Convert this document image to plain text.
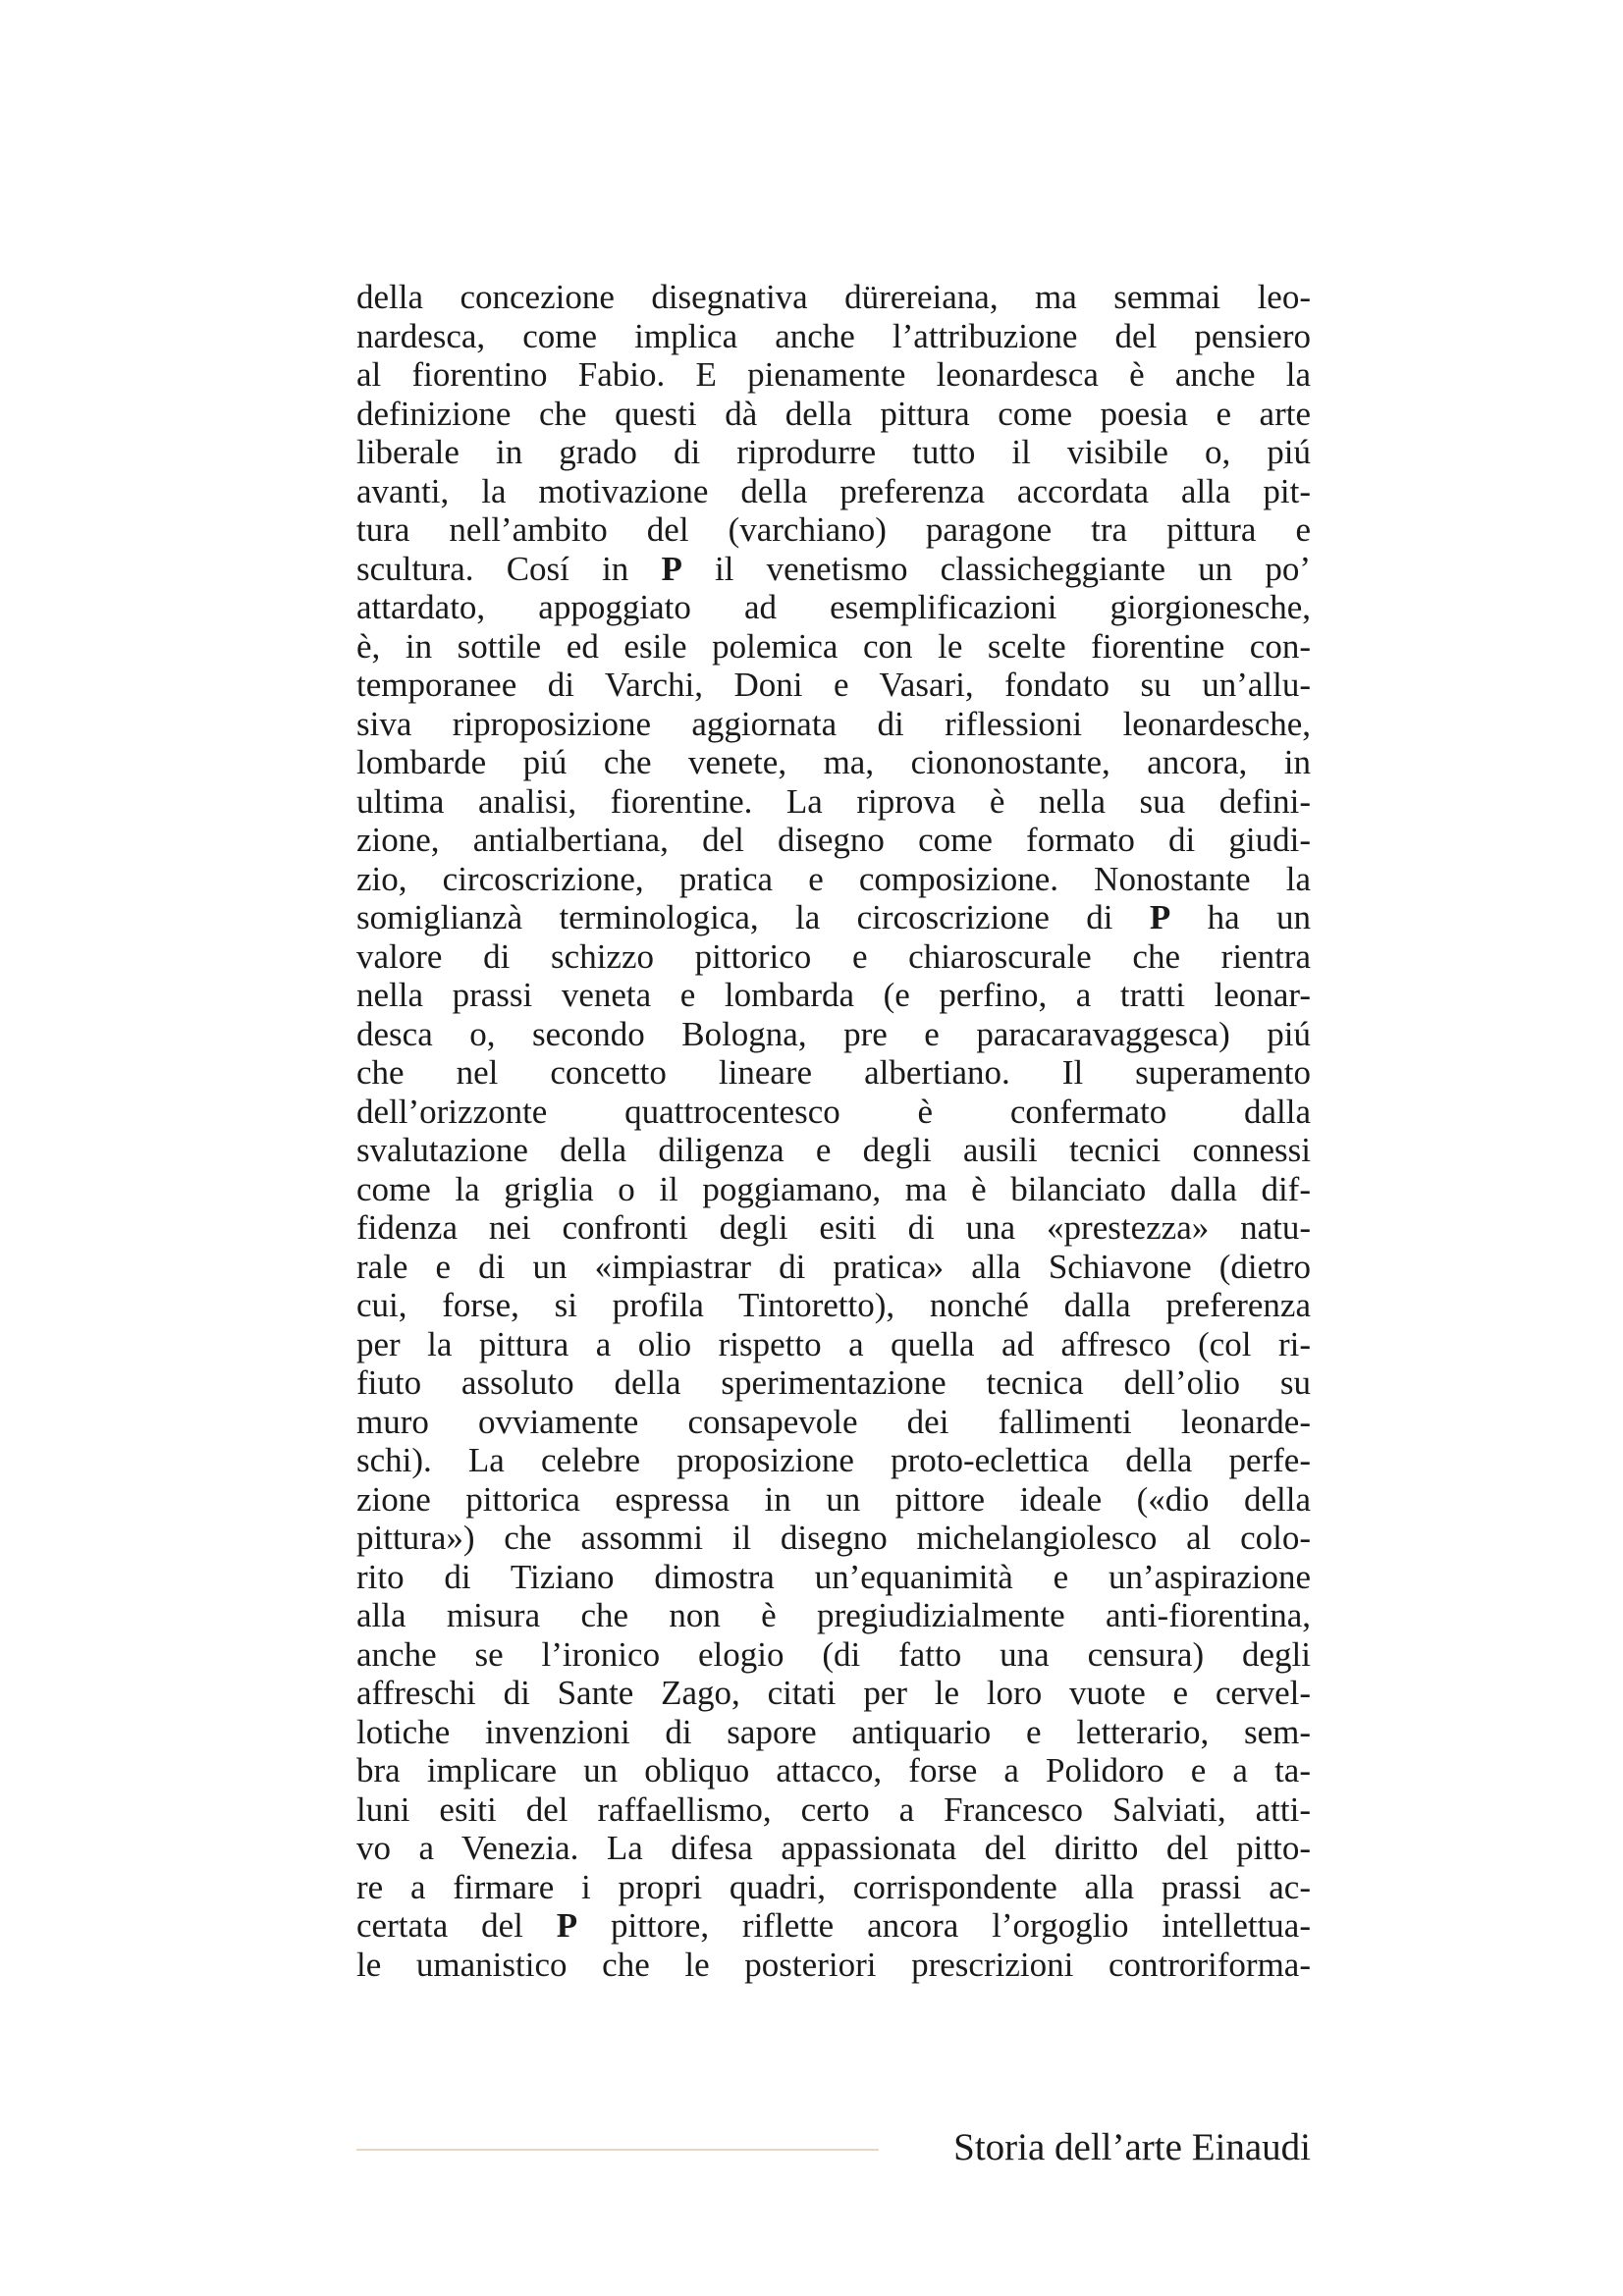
della concezione disegnativa dürereiana, ma semmai leo-
nardesca, come implica anche l’attribuzione del pensiero
al fiorentino Fabio. E pienamente leonardesca è anche la
definizione che questi dà della pittura come poesia e arte
liberale in grado di riprodurre tutto il visibile o, piú
avanti, la motivazione della preferenza accordata alla pit-
tura nell’ambito del (varchiano) paragone tra pittura e
scultura. Cosí in P il venetismo classicheggiante un po’
attardato, appoggiato ad esemplificazioni giorgionesche,
è, in sottile ed esile polemica con le scelte fiorentine con-
temporanee di Varchi, Doni e Vasari, fondato su un’allu-
siva riproposizione aggiornata di riflessioni leonardesche,
lombarde piú che venete, ma, ciononostante, ancora, in
ultima analisi, fiorentine. La riprova è nella sua defini-
zione, antialbertiana, del disegno come formato di giudi-
zio, circoscrizione, pratica e composizione. Nonostante la
somiglianzà terminologica, la circoscrizione di P ha un
valore di schizzo pittorico e chiaroscurale che rientra
nella prassi veneta e lombarda (e perfino, a tratti leonar-
desca o, secondo Bologna, pre e paracaravaggesca) piú
che nel concetto lineare albertiano. Il superamento
dell’orizzonte quattrocentesco è confermato dalla
svalutazione della diligenza e degli ausili tecnici connessi
come la griglia o il poggiamano, ma è bilanciato dalla dif-
fidenza nei confronti degli esiti di una «prestezza» natu-
rale e di un «impiastrar di pratica» alla Schiavone (dietro
cui, forse, si profila Tintoretto), nonché dalla preferenza
per la pittura a olio rispetto a quella ad affresco (col ri-
fiuto assoluto della sperimentazione tecnica dell’olio su
muro ovviamente consapevole dei fallimenti leonarde-
schi). La celebre proposizione proto-eclettica della perfe-
zione pittorica espressa in un pittore ideale («dio della
pittura») che assommi il disegno michelangiolesco al colo-
rito di Tiziano dimostra un’equanimità e un’aspirazione
alla misura che non è pregiudizialmente anti-fiorentina,
anche se l’ironico elogio (di fatto una censura) degli
affreschi di Sante Zago, citati per le loro vuote e cervel-
lotiche invenzioni di sapore antiquario e letterario, sem-
bra implicare un obliquo attacco, forse a Polidoro e a ta-
luni esiti del raffaellismo, certo a Francesco Salviati, atti-
vo a Venezia. La difesa appassionata del diritto del pitto-
re a firmare i propri quadri, corrispondente alla prassi ac-
certata del P pittore, riflette ancora l’orgoglio intellettua-
le umanistico che le posteriori prescrizioni controriforma-
Storia dell’arte Einaudi
